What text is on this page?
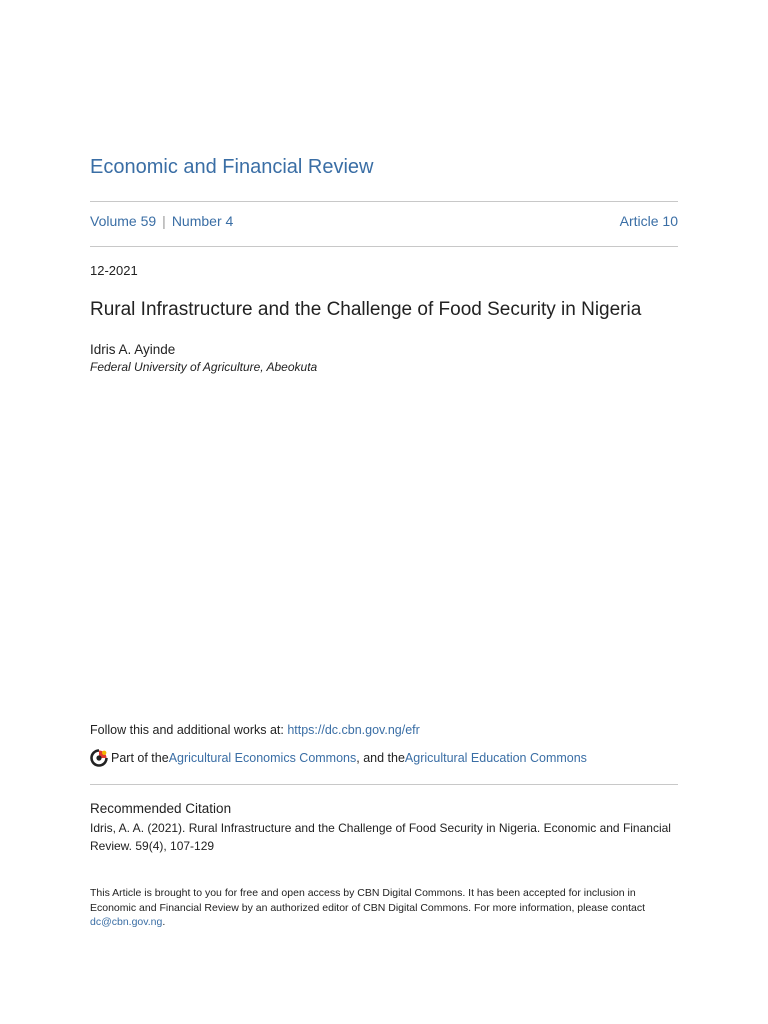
Economic and Financial Review
Volume 59 | Number 4	Article 10
12-2021
Rural Infrastructure and the Challenge of Food Security in Nigeria
Idris A. Ayinde
Federal University of Agriculture, Abeokuta
Follow this and additional works at: https://dc.cbn.gov.ng/efr
Part of the Agricultural Economics Commons , and the Agricultural Education Commons
Recommended Citation
Idris, A. A. (2021). Rural Infrastructure and the Challenge of Food Security in Nigeria. Economic and Financial Review. 59(4), 107-129
This Article is brought to you for free and open access by CBN Digital Commons. It has been accepted for inclusion in Economic and Financial Review by an authorized editor of CBN Digital Commons. For more information, please contact dc@cbn.gov.ng.
